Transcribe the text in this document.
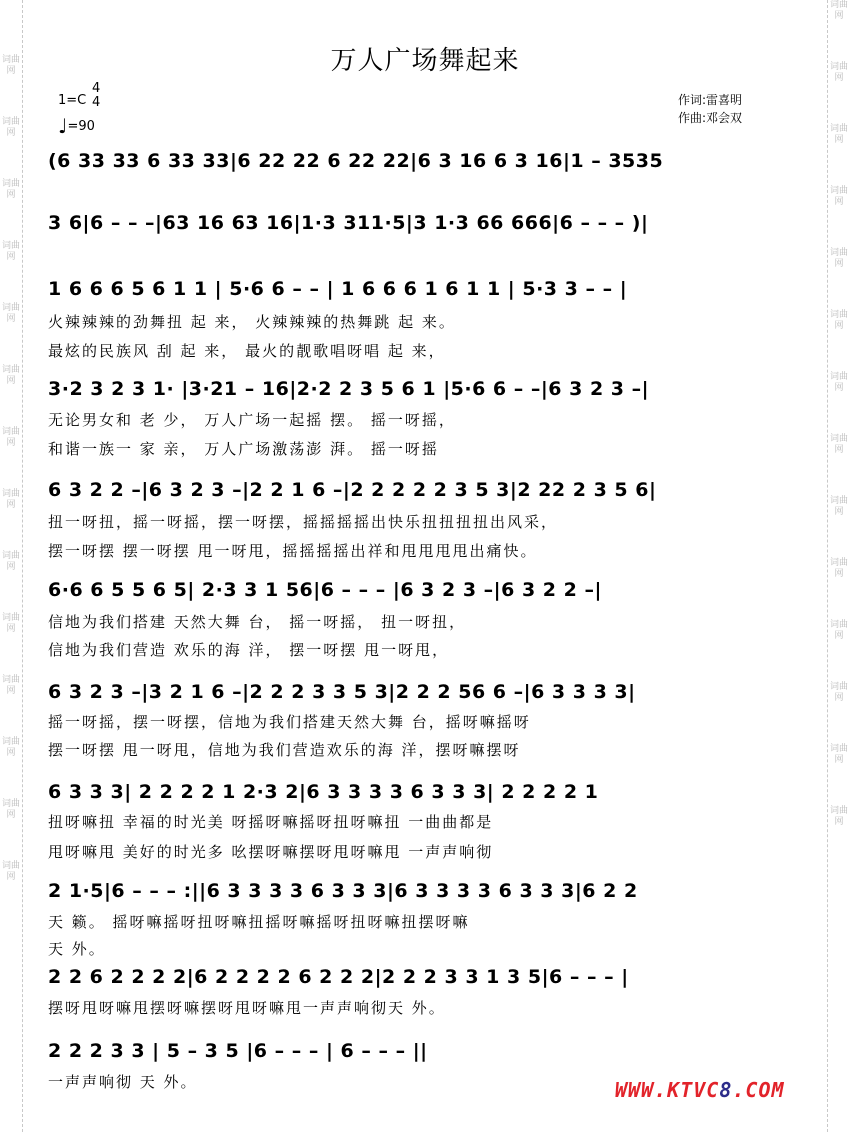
词曲网
词曲网
词曲网
词曲网
词曲网
词曲网
词曲网
词曲网
词曲网
词曲网
词曲网
词曲网
词曲网
词曲网
词曲网
词曲网
词曲网
词曲网
词曲网
词曲网
词曲网
词曲网
词曲网
词曲网
词曲网
词曲网
词曲网
词曲网
万人广场舞起来
1=C
4
4
♩=90
作词:雷喜明
作曲:邓会双
(6 33 33 6 33 33|6 22 22 6 22 22|6 3 16 6 3 16|1 – 3535
3 6|6 – – –|63 16 63 16|1·3 311·5|3 1·3 66 666|6 – – – )|
1 6 6 6 5 6 1 1 | 5·6 6 – – | 1 6 6 6 1 6 1 1 | 5·3 3 – – |
3·2 3 2 3 1· |3·21 – 16|2·2 2 3 5 6 1 |5·6 6 – –|6 3 2 3 –|
6 3 2 2 –|6 3 2 3 –|2 2 1 6 –|2 2 2 2 2 3 5 3|2 22 2 3 5 6|
6·6 6 5 5 6 5| 2·3 3 1 56|6 – – – |6 3 2 3 –|6 3 2 2 –|
6 3 2 3 –|3 2 1 6 –|2 2 2 3 3 5 3|2 2 2 56 6 –|6 3 3 3 3|
6 3 3 3| 2 2 2 2 1 2·3 2|6 3 3 3 3 6 3 3 3| 2 2 2 2 1
2 1·5|6 – – – :||6 3 3 3 3 6 3 3 3|6 3 3 3 3 6 3 3 3|6 2 2
2 2 6 2 2 2 2|6 2 2 2 2 6 2 2 2|2 2 2 3 3 1 3 5|6 – – – |
2 2 2 3 3 | 5 – 3 5 |6 – – – | 6 – – – ||
火辣辣辣的劲舞扭 起 来， 火辣辣辣的热舞跳 起 来。
最炫的民族风 刮 起 来， 最火的靓歌唱呀唱 起 来，
无论男女和 老 少， 万人广场一起摇 摆。 摇一呀摇，
和谐一族一 家 亲， 万人广场激荡澎 湃。 摇一呀摇
扭一呀扭，摇一呀摇，摆一呀摆，摇摇摇摇出快乐扭扭扭扭出风采，
摆一呀摆 摆一呀摆 甩一呀甩，摇摇摇摇出祥和甩甩甩甩出痛快。
信地为我们搭建 天然大舞 台， 摇一呀摇， 扭一呀扭，
信地为我们营造 欢乐的海 洋， 摆一呀摆 甩一呀甩，
摇一呀摇，摆一呀摆，信地为我们搭建天然大舞 台，摇呀嘛摇呀
摆一呀摆 甩一呀甩，信地为我们营造欢乐的海 洋，摆呀嘛摆呀
扭呀嘛扭 幸福的时光美 呀摇呀嘛摇呀扭呀嘛扭 一曲曲都是
甩呀嘛甩 美好的时光多 吆摆呀嘛摆呀甩呀嘛甩 一声声响彻
天 籁。 摇呀嘛摇呀扭呀嘛扭摇呀嘛摇呀扭呀嘛扭摆呀嘛
天 外。
摆呀甩呀嘛甩摆呀嘛摆呀甩呀嘛甩一声声响彻天 外。
一声声响彻 天 外。	WWW.KTVC8.COM
